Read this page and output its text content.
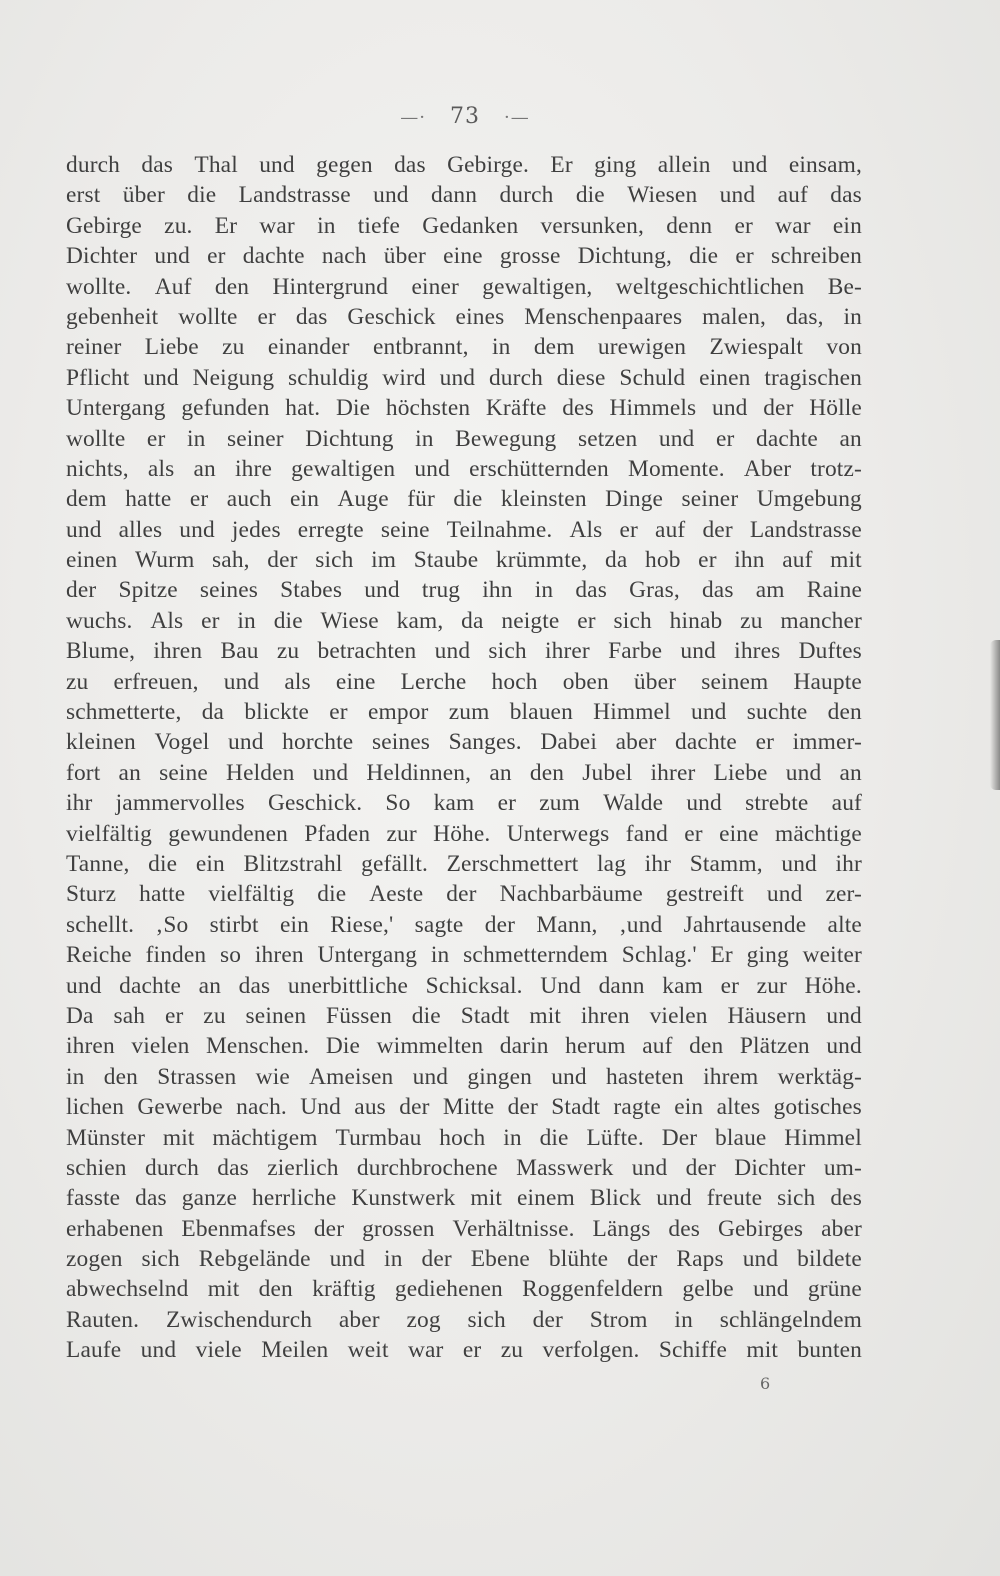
—· 73 ·—
durch das Thal und gegen das Gebirge. Er ging allein und einsam,
erst über die Landstrasse und dann durch die Wiesen und auf das
Gebirge zu. Er war in tiefe Gedanken versunken, denn er war ein
Dichter und er dachte nach über eine grosse Dichtung, die er schreiben
wollte. Auf den Hintergrund einer gewaltigen, weltgeschichtlichen Be-
gebenheit wollte er das Geschick eines Menschenpaares malen, das, in
reiner Liebe zu einander entbrannt, in dem urewigen Zwiespalt von
Pflicht und Neigung schuldig wird und durch diese Schuld einen tragischen
Untergang gefunden hat. Die höchsten Kräfte des Himmels und der Hölle
wollte er in seiner Dichtung in Bewegung setzen und er dachte an
nichts, als an ihre gewaltigen und erschütternden Momente. Aber trotz-
dem hatte er auch ein Auge für die kleinsten Dinge seiner Umgebung
und alles und jedes erregte seine Teilnahme. Als er auf der Landstrasse
einen Wurm sah, der sich im Staube krümmte, da hob er ihn auf mit
der Spitze seines Stabes und trug ihn in das Gras, das am Raine
wuchs. Als er in die Wiese kam, da neigte er sich hinab zu mancher
Blume, ihren Bau zu betrachten und sich ihrer Farbe und ihres Duftes
zu erfreuen, und als eine Lerche hoch oben über seinem Haupte
schmetterte, da blickte er empor zum blauen Himmel und suchte den
kleinen Vogel und horchte seines Sanges. Dabei aber dachte er immer-
fort an seine Helden und Heldinnen, an den Jubel ihrer Liebe und an
ihr jammervolles Geschick. So kam er zum Walde und strebte auf
vielfältig gewundenen Pfaden zur Höhe. Unterwegs fand er eine mächtige
Tanne, die ein Blitzstrahl gefällt. Zerschmettert lag ihr Stamm, und ihr
Sturz hatte vielfältig die Aeste der Nachbarbäume gestreift und zer-
schellt. ‚So stirbt ein Riese,' sagte der Mann, ‚und Jahrtausende alte
Reiche finden so ihren Untergang in schmetterndem Schlag.' Er ging weiter
und dachte an das unerbittliche Schicksal. Und dann kam er zur Höhe.
Da sah er zu seinen Füssen die Stadt mit ihren vielen Häusern und
ihren vielen Menschen. Die wimmelten darin herum auf den Plätzen und
in den Strassen wie Ameisen und gingen und hasteten ihrem werktäg-
lichen Gewerbe nach. Und aus der Mitte der Stadt ragte ein altes gotisches
Münster mit mächtigem Turmbau hoch in die Lüfte. Der blaue Himmel
schien durch das zierlich durchbrochene Masswerk und der Dichter um-
fasste das ganze herrliche Kunstwerk mit einem Blick und freute sich des
erhabenen Ebenmafses der grossen Verhältnisse. Längs des Gebirges aber
zogen sich Rebgelände und in der Ebene blühte der Raps und bildete
abwechselnd mit den kräftig gediehenen Roggenfeldern gelbe und grüne
Rauten. Zwischendurch aber zog sich der Strom in schlängelndem
Laufe und viele Meilen weit war er zu verfolgen. Schiffe mit bunten
6
